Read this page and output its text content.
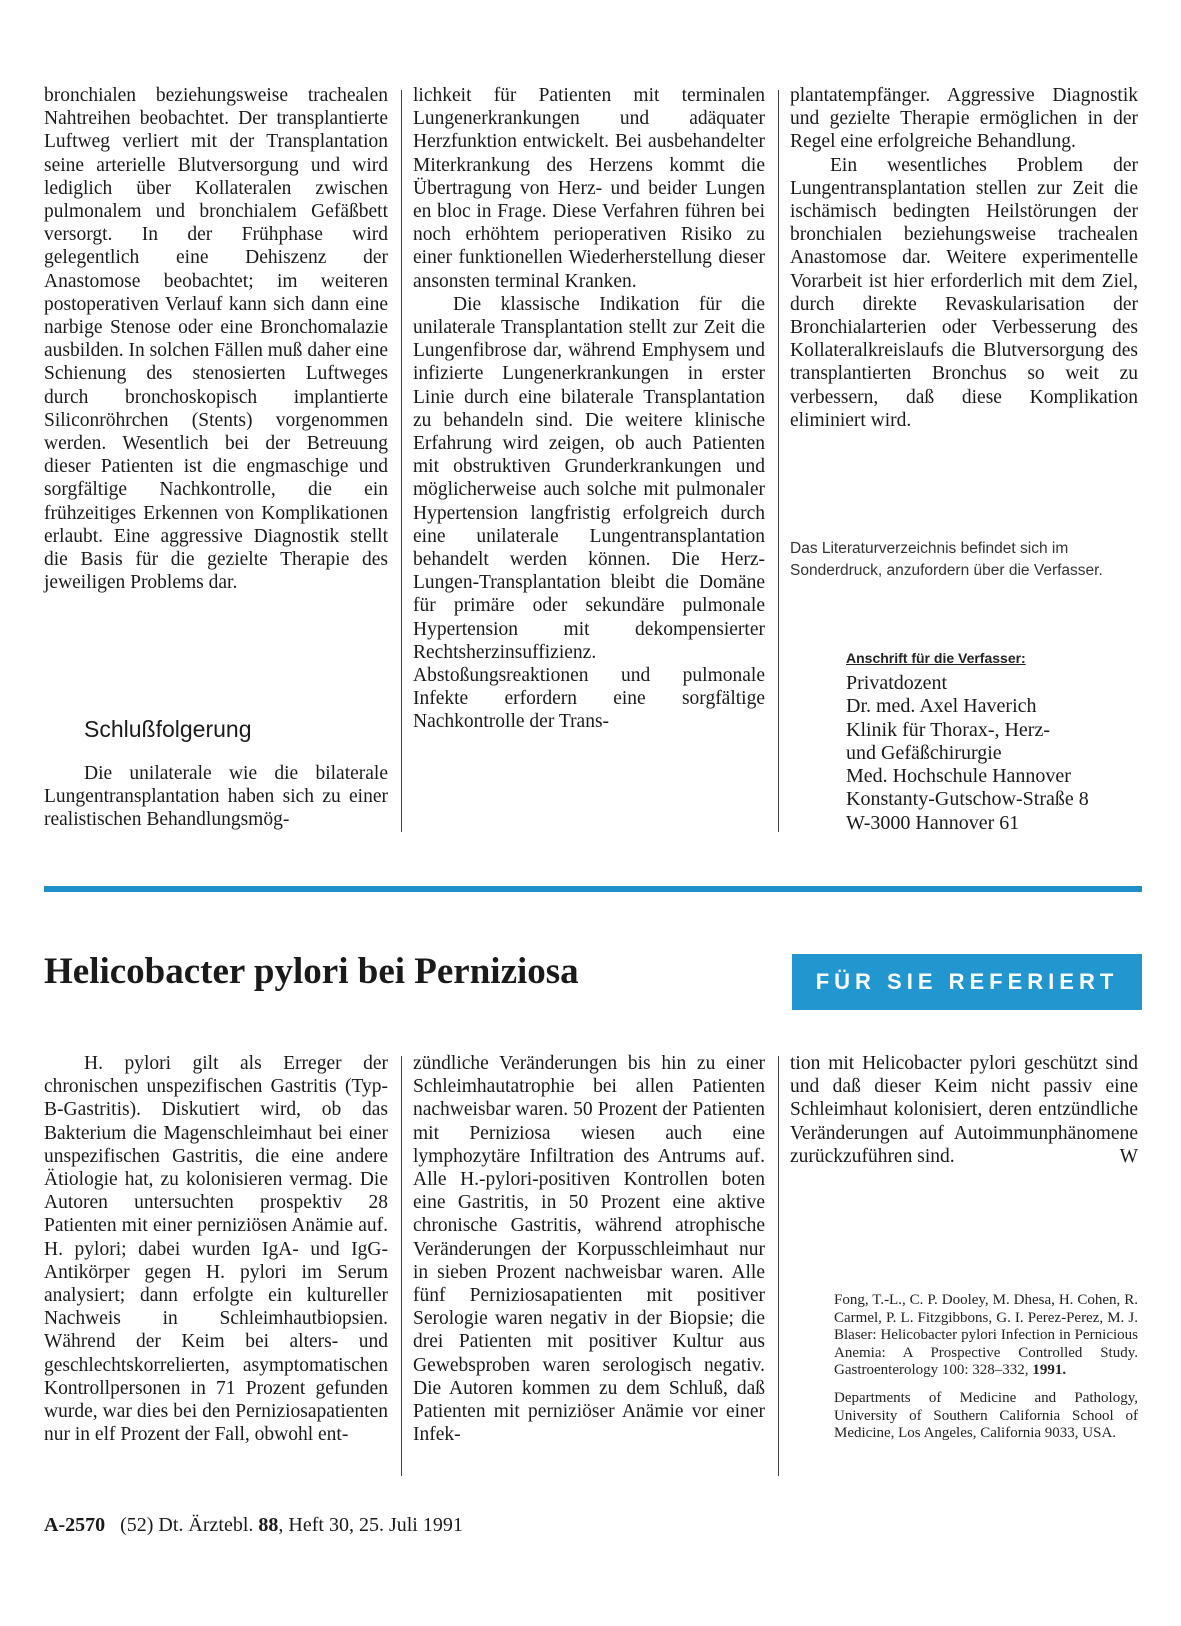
bronchialen beziehungsweise trachealen Nahtreihen beobachtet. Der transplantierte Luftweg verliert mit der Transplantation seine arterielle Blutversorgung und wird lediglich über Kollateralen zwischen pulmonalem und bronchialem Gefäßbett versorgt. In der Frühphase wird gelegentlich eine Dehiszenz der Anastomose beobachtet; im weiteren postoperativen Verlauf kann sich dann eine narbige Stenose oder eine Bronchomalazie ausbilden. In solchen Fällen muß daher eine Schienung des stenosierten Luftweges durch bronchoskopisch implantierte Siliconröhrchen (Stents) vorgenommen werden. Wesentlich bei der Betreuung dieser Patienten ist die engmaschige und sorgfältige Nachkontrolle, die ein frühzeitiges Erkennen von Komplikationen erlaubt. Eine aggressive Diagnostik stellt die Basis für die gezielte Therapie des jeweiligen Problems dar.

Schlußfolgerung

Die unilaterale wie die bilaterale Lungentransplantation haben sich zu einer realistischen Behandlungsmög-

lichkeit für Patienten mit terminalen Lungenerkrankungen und adäquater Herzfunktion entwickelt. Bei ausbehandelter Miterkrankung des Herzens kommt die Übertragung von Herz- und beider Lungen en bloc in Frage. Diese Verfahren führen bei noch erhöhtem perioperativen Risiko zu einer funktionellen Wiederherstellung dieser ansonsten terminal Kranken.

Die klassische Indikation für die unilaterale Transplantation stellt zur Zeit die Lungenfibrose dar, während Emphysem und infizierte Lungenerkrankungen in erster Linie durch eine bilaterale Transplantation zu behandeln sind. Die weitere klinische Erfahrung wird zeigen, ob auch Patienten mit obstruktiven Grunderkrankungen und möglicherweise auch solche mit pulmonaler Hypertension langfristig erfolgreich durch eine unilaterale Lungentransplantation behandelt werden können. Die Herz-Lungen-Transplantation bleibt die Domäne für primäre oder sekundäre pulmonale Hypertension mit dekompensierter Rechtsherzinsuffizienz. Abstoßungsreaktionen und pulmonale Infekte erfordern eine sorgfältige Nachkontrolle der Trans-

plantatempfänger. Aggressive Diagnostik und gezielte Therapie ermöglichen in der Regel eine erfolgreiche Behandlung.

Ein wesentliches Problem der Lungentransplantation stellen zur Zeit die ischämisch bedingten Heilstörungen der bronchialen beziehungsweise trachealen Anastomose dar. Weitere experimentelle Vorarbeit ist hier erforderlich mit dem Ziel, durch direkte Revaskularisation der Bronchialarterien oder Verbesserung des Kollateralkreislaufs die Blutversorgung des transplantierten Bronchus so weit zu verbessern, daß diese Komplikation eliminiert wird.

Das Literaturverzeichnis befindet sich im Sonderdruck, anzufordern über die Verfasser.
Anschrift für die Verfasser:
Privatdozent
Dr. med. Axel Haverich
Klinik für Thorax-, Herz-
und Gefäßchirurgie
Med. Hochschule Hannover
Konstanty-Gutschow-Straße 8
W-3000 Hannover 61
Helicobacter pylori bei Perniziosa	FÜR SIE REFERIERT

H. pylori gilt als Erreger der chronischen unspezifischen Gastritis (Typ-B-Gastritis). Diskutiert wird, ob das Bakterium die Magenschleimhaut bei einer unspezifischen Gastritis, die eine andere Ätiologie hat, zu kolonisieren vermag. Die Autoren untersuchten prospektiv 28 Patienten mit einer perniziösen Anämie auf. H. pylori; dabei wurden IgA- und IgG-Antikörper gegen H. pylori im Serum analysiert; dann erfolgte ein kultureller Nachweis in Schleimhautbiopsien. Während der Keim bei alters- und geschlechtskorrelierten, asymptomatischen Kontrollpersonen in 71 Prozent gefunden wurde, war dies bei den Perniziosapatienten nur in elf Prozent der Fall, obwohl ent-

zündliche Veränderungen bis hin zu einer Schleimhautatrophie bei allen Patienten nachweisbar waren. 50 Prozent der Patienten mit Perniziosa wiesen auch eine lymphozytäre Infiltration des Antrums auf. Alle H.-pylori-positiven Kontrollen boten eine Gastritis, in 50 Prozent eine aktive chronische Gastritis, während atrophische Veränderungen der Korpusschleimhaut nur in sieben Prozent nachweisbar waren. Alle fünf Perniziosapatienten mit positiver Serologie waren negativ in der Biopsie; die drei Patienten mit positiver Kultur aus Gewebsproben waren serologisch negativ. Die Autoren kommen zu dem Schluß, daß Patienten mit perniziöser Anämie vor einer Infek-

tion mit Helicobacter pylori geschützt sind und daß dieser Keim nicht passiv eine Schleimhaut kolonisiert, deren entzündliche Veränderungen auf Autoimmunphänomene zurückzuführen sind.	W

Fong, T.-L., C. P. Dooley, M. Dhesa, H. Cohen, R. Carmel, P. L. Fitzgibbons, G. I. Perez-Perez, M. J. Blaser: Helicobacter pylori Infection in Pernicious Anemia: A Prospective Controlled Study. Gastroenterology 100: 328–332, 1991.

Departments of Medicine and Pathology, University of Southern California School of Medicine, Los Angeles, California 9033, USA.

A-2570 (52) Dt. Ärztebl. 88, Heft 30, 25. Juli 1991
